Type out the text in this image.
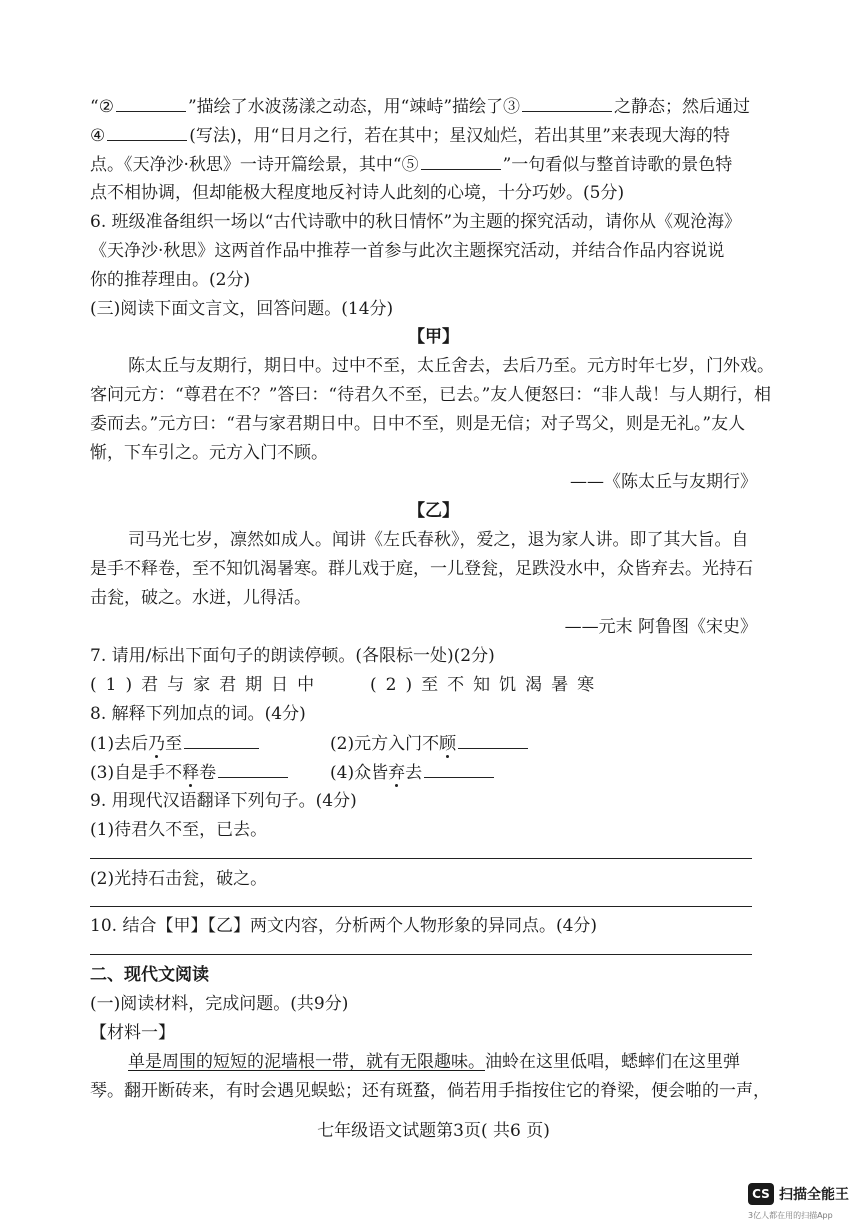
“②	”描绘了水波荡漾之动态，用“竦峙”描绘了③	之静态；然后通过
④	(写法)，用“日月之行，若在其中；星汉灿烂，若出其里”来表现大海的特
点。《天净沙·秋思》一诗开篇绘景，其中“⑤	”一句看似与整首诗歌的景色特
点不相协调，但却能极大程度地反衬诗人此刻的心境，十分巧妙。(5分)
6. 班级准备组织一场以“古代诗歌中的秋日情怀”为主题的探究活动，请你从《观沧海》
《天净沙·秋思》这两首作品中推荐一首参与此次主题探究活动，并结合作品内容说说
你的推荐理由。(2分)
(三)阅读下面文言文，回答问题。(14分)
【甲】
陈太丘与友期行，期日中。过中不至，太丘舍去，去后乃至。元方时年七岁，门外戏。
客问元方：“尊君在不？”答曰：“待君久不至，已去。”友人便怒曰：“非人哉！与人期行，相
委而去。”元方曰：“君与家君期日中。日中不至，则是无信；对子骂父，则是无礼。”友人
惭，下车引之。元方入门不顾。
——《陈太丘与友期行》
【乙】
司马光七岁，凛然如成人。闻讲《左氏春秋》，爱之，退为家人讲。即了其大旨。自
是手不释卷，至不知饥渴暑寒。群儿戏于庭，一儿登瓮，足跌没水中，众皆弃去。光持石
击瓮，破之。水迸，儿得活。
——元末 阿鲁图《宋史》
7. 请用/标出下面句子的朗读停顿。(各限标一处)(2分)
(1)君与家君期日中	(2)至不知饥渴暑寒
8. 解释下列加点的词。(4分)
(1)去后乃至	(2)元方入门不顾
(3)自是手不释卷	(4)众皆弃去
9. 用现代汉语翻译下列句子。(4分)
(1)待君久不至，已去。
(2)光持石击瓮，破之。
10. 结合【甲】【乙】两文内容，分析两个人物形象的异同点。(4分)
二、现代文阅读
(一)阅读材料，完成问题。(共9分)
【材料一】
单是周围的短短的泥墙根一带，就有无限趣味。油蛉在这里低唱，蟋蟀们在这里弹
琴。翻开断砖来，有时会遇见蜈蚣；还有斑蝥，倘若用手指按住它的脊梁，便会啪的一声，
七年级语文试题第3页( 共6 页)
CS 扫描全能王
3亿人都在用的扫描App
